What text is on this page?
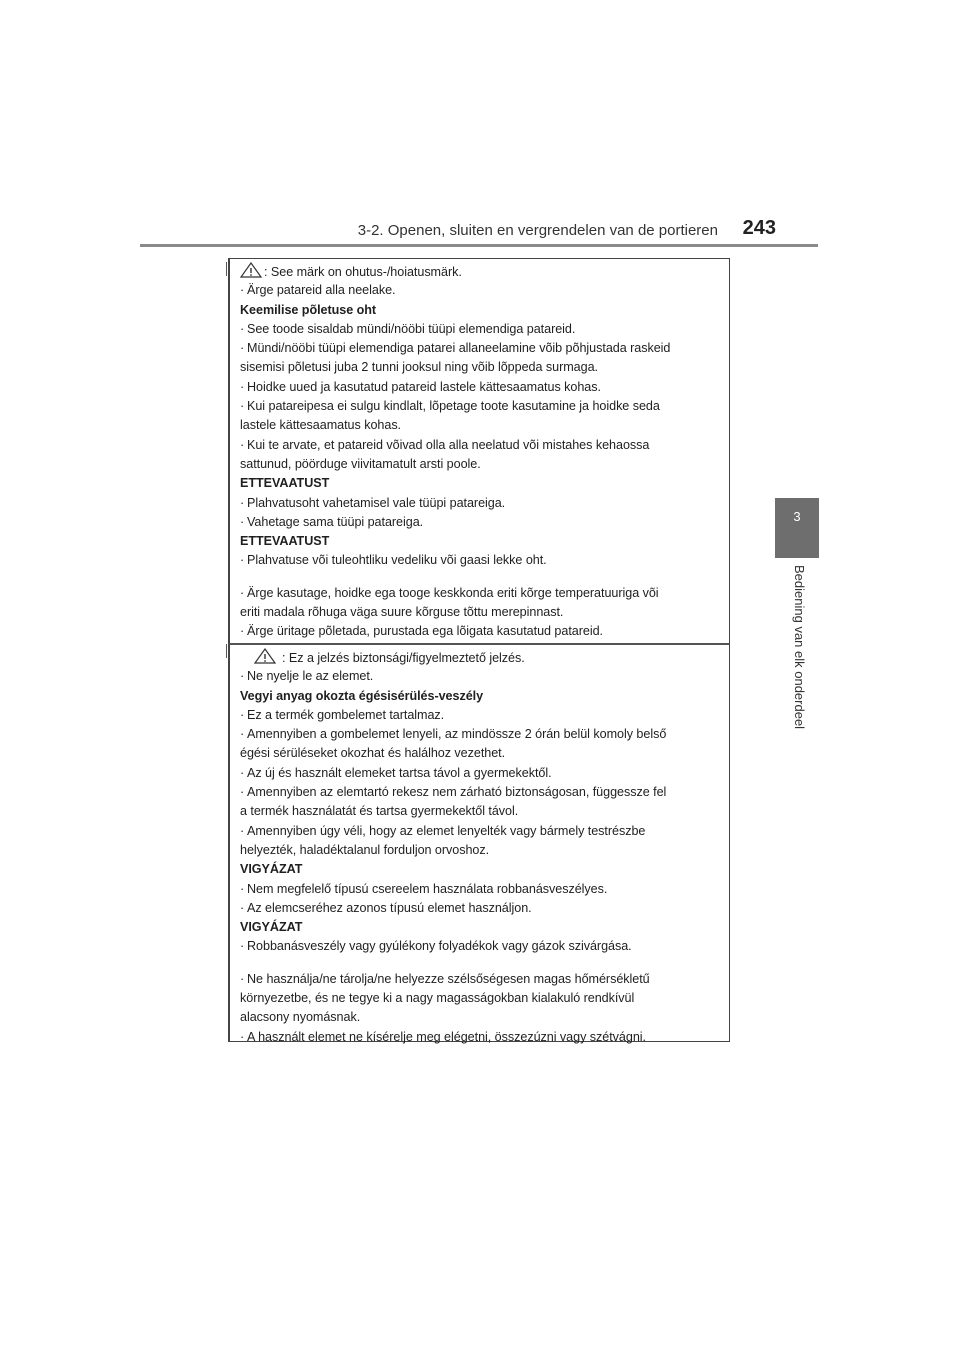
3-2. Openen, sluiten en vergrendelen van de portieren 243
3
Bediening van elk onderdeel
: See märk on ohutus-/hoiatusmärk.
· Ärge patareid alla neelake.
Keemilise põletuse oht
· See toode sisaldab mündi/nööbi tüüpi elemendiga patareid.
· Mündi/nööbi tüüpi elemendiga patarei allaneelamine võib põhjustada raskeid
sisemisi põletusi juba 2 tunni jooksul ning võib lõppeda surmaga.
· Hoidke uued ja kasutatud patareid lastele kättesaamatus kohas.
· Kui patareipesa ei sulgu kindlalt, lõpetage toote kasutamine ja hoidke seda
lastele kättesaamatus kohas.
· Kui te arvate, et patareid võivad olla alla neelatud või mistahes kehaossa
sattunud, pöörduge viivitamatult arsti poole.
ETTEVAATUST
· Plahvatusoht vahetamisel vale tüüpi patareiga.
· Vahetage sama tüüpi patareiga.
ETTEVAATUST
· Plahvatuse või tuleohtliku vedeliku või gaasi lekke oht.
· Ärge kasutage, hoidke ega tooge keskkonda eriti kõrge temperatuuriga või
eriti madala rõhuga väga suure kõrguse tõttu merepinnast.
· Ärge üritage põletada, purustada ega lõigata kasutatud patareid.
: Ez a jelzés biztonsági/figyelmeztető jelzés.
· Ne nyelje le az elemet.
Vegyi anyag okozta égésisérülés-veszély
· Ez a termék gombelemet tartalmaz.
· Amennyiben a gombelemet lenyeli, az mindössze 2 órán belül komoly belső
égési sérüléseket okozhat és halálhoz vezethet.
· Az új és használt elemeket tartsa távol a gyermekektől.
· Amennyiben az elemtartó rekesz nem zárható biztonságosan, függessze fel
a termék használatát és tartsa gyermekektől távol.
· Amennyiben úgy véli, hogy az elemet lenyelték vagy bármely testrészbe
helyezték, haladéktalanul forduljon orvoshoz.
VIGYÁZAT
· Nem megfelelő típusú csereelem használata robbanásveszélyes.
· Az elemcseréhez azonos típusú elemet használjon.
VIGYÁZAT
· Robbanásveszély vagy gyúlékony folyadékok vagy gázok szivárgása.
· Ne használja/ne tárolja/ne helyezze szélsőségesen magas hőmérsékletű
környezetbe, és ne tegye ki a nagy magasságokban kialakuló rendkívül
alacsony nyomásnak.
· A használt elemet ne kísérelje meg elégetni, összezúzni vagy szétvágni.
